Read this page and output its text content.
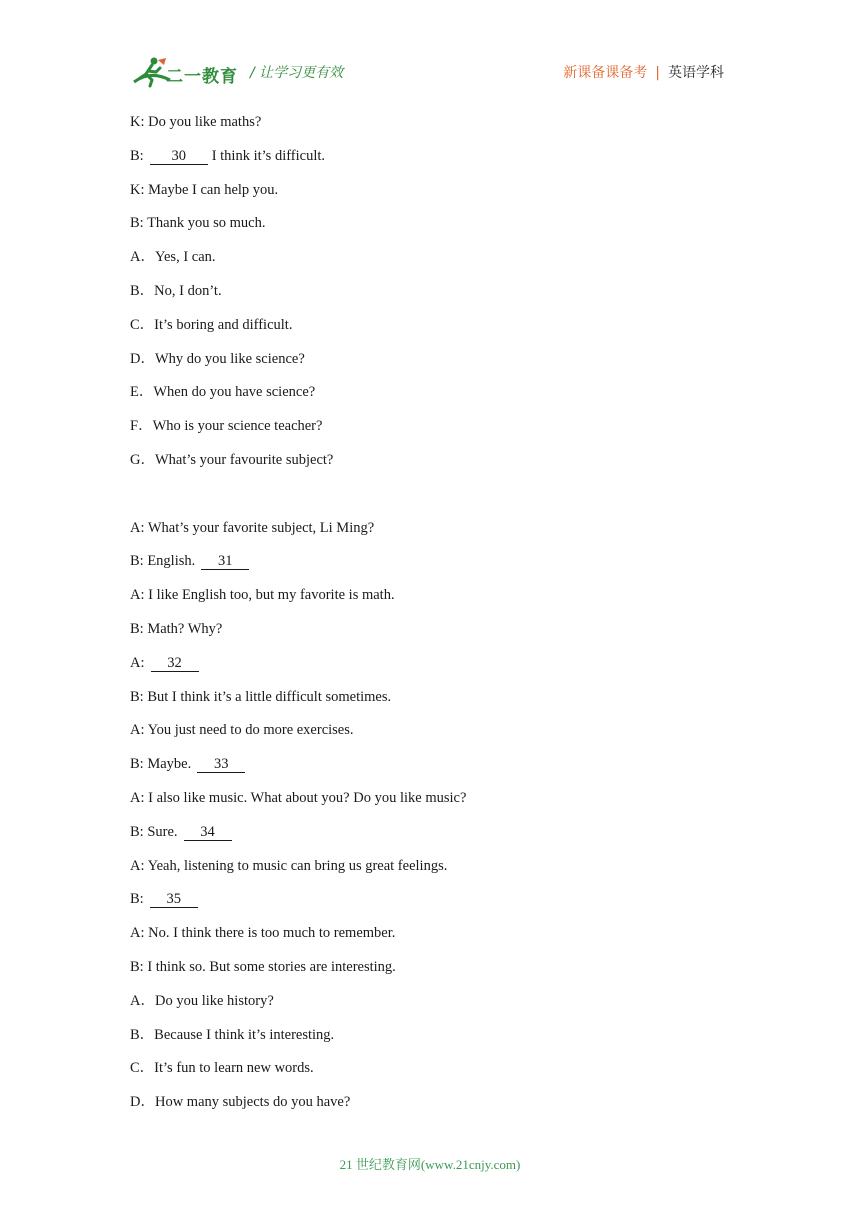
二一教育 / 让学习更有效	新课备课备考 | 英语学科
K: Do you like maths?
B: 30 I think it’s difficult.
K: Maybe I can help you.
B: Thank you so much.
A．Yes, I can.
B．No, I don’t.
C．It’s boring and difficult.
D．Why do you like science?
E．When do you have science?
F．Who is your science teacher?
G．What’s your favourite subject?
A: What’s your favorite subject, Li Ming?
B: English. 31
A: I like English too, but my favorite is math.
B: Math? Why?
A: 32
B: But I think it’s a little difficult sometimes.
A: You just need to do more exercises.
B: Maybe. 33
A: I also like music. What about you? Do you like music?
B: Sure. 34
A: Yeah, listening to music can bring us great feelings.
B: 35
A: No. I think there is too much to remember.
B: I think so. But some stories are interesting.
A．Do you like history?
B．Because I think it’s interesting.
C．It’s fun to learn new words.
D．How many subjects do you have?
21 世纪教育网(www.21cnjy.com)
